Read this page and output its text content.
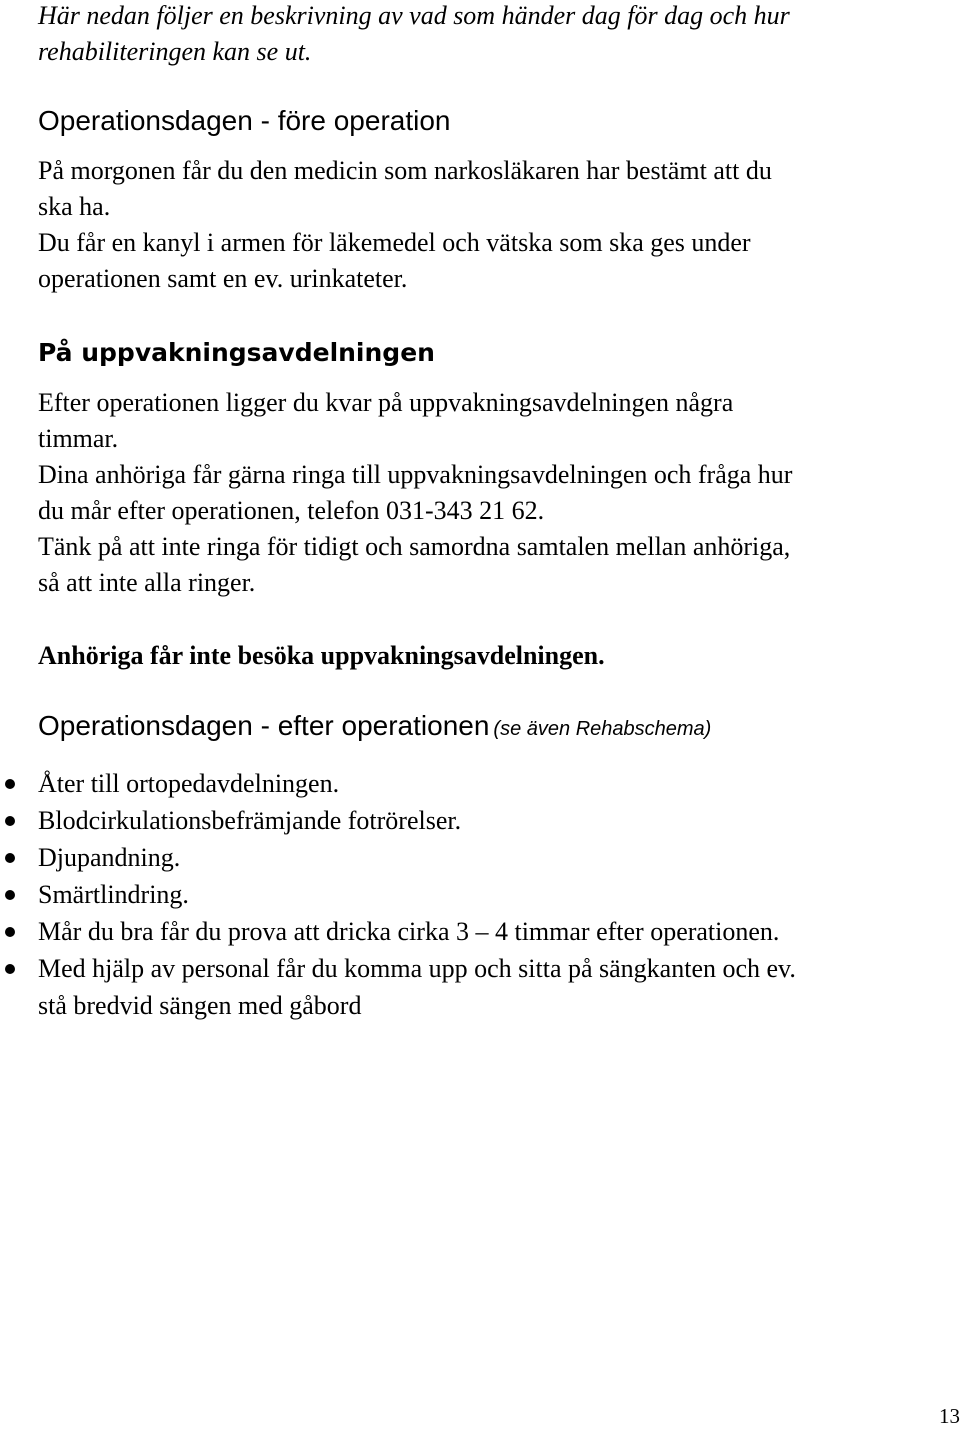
Här nedan följer en beskrivning av vad som händer dag för dag och hur
rehabiliteringen kan se ut.
Operationsdagen - före operation

På morgonen får du den medicin som narkosläkaren har bestämt att du

ska ha.

Du får en kanyl i armen för läkemedel och vätska som ska ges under

operationen samt en ev. urinkateter.

På uppvakningsavdelningen

Efter operationen ligger du kvar på uppvakningsavdelningen några

timmar.

Dina anhöriga får gärna ringa till uppvakningsavdelningen och fråga hur

du mår efter operationen, telefon 031-343 21 62.

Tänk på att inte ringa för tidigt och samordna samtalen mellan anhöriga,

så att inte alla ringer.

Anhöriga får inte besöka uppvakningsavdelningen.
Operationsdagen - efter operationen (se även Rehabschema)
Åter till ortopedavdelningen.
Blodcirkulationsbefrämjande fotrörelser.
Djupandning.
Smärtlindring.
Mår du bra får du prova att dricka cirka 3 – 4 timmar efter operationen.
Med hjälp av personal får du komma upp och sitta på sängkanten och ev.
stå bredvid sängen med gåbord
13
